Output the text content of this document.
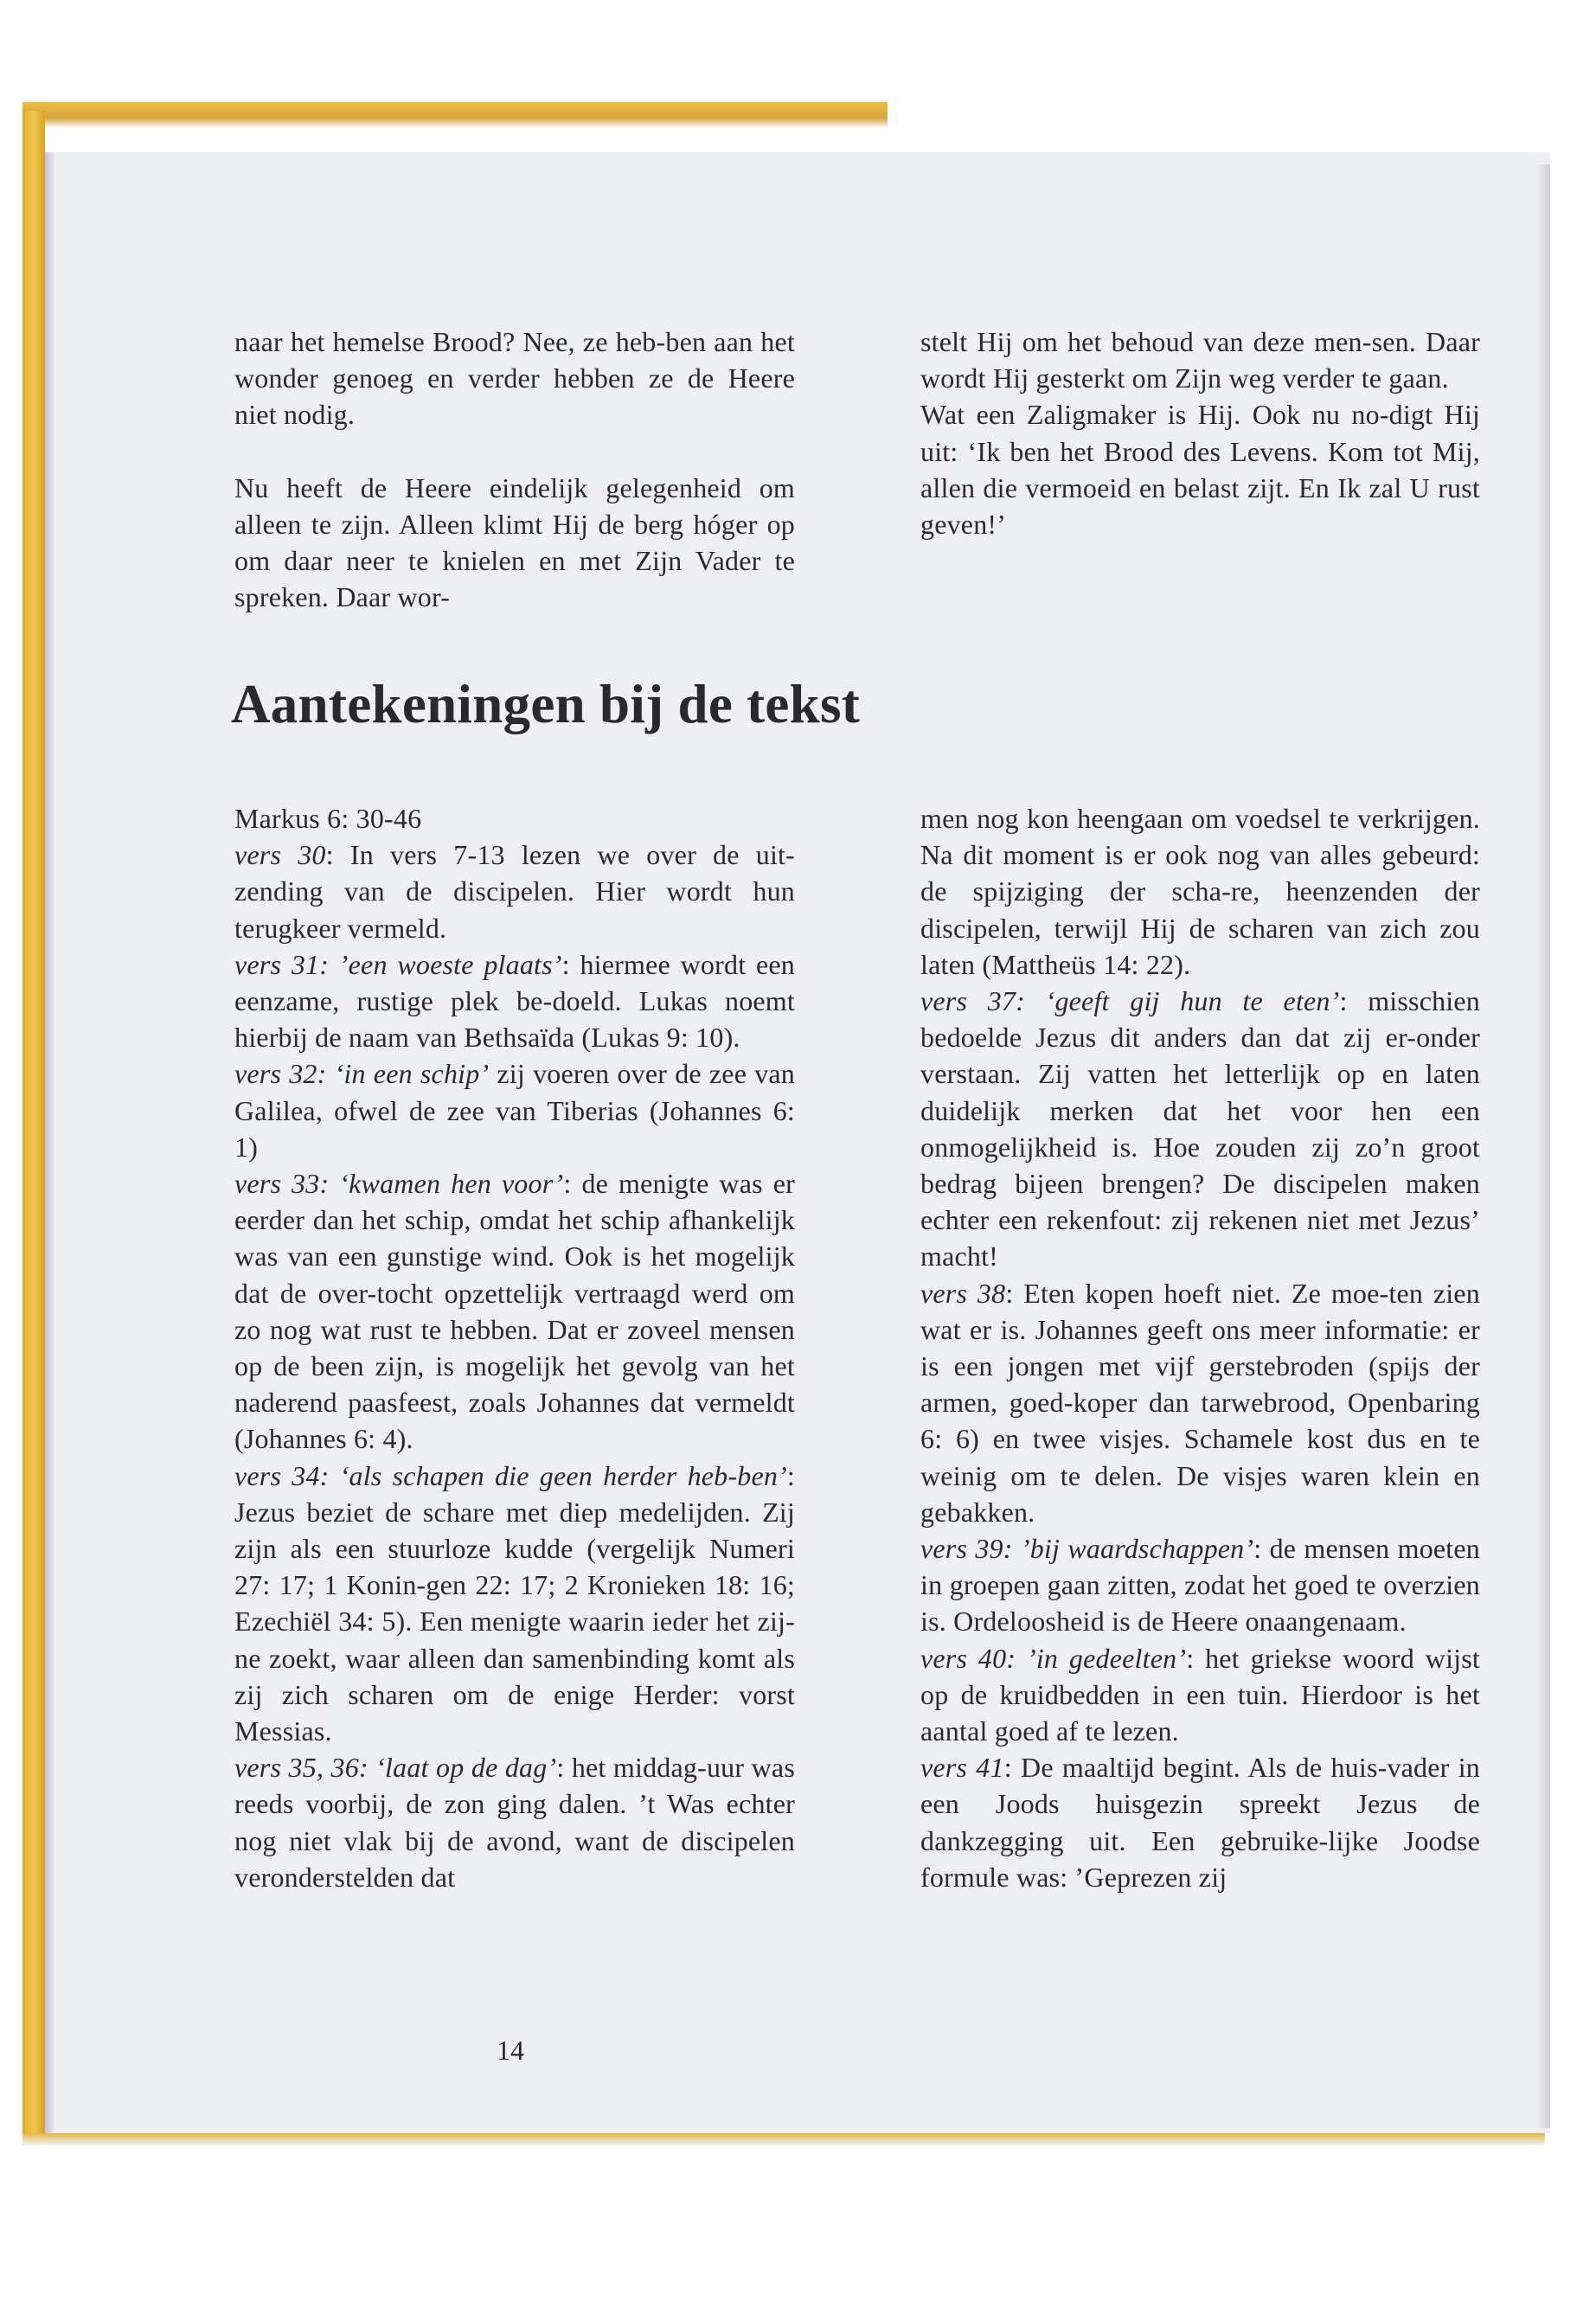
naar het hemelse Brood? Nee, ze heb-ben aan het wonder genoeg en verder hebben ze de Heere niet nodig.

Nu heeft de Heere eindelijk gelegenheid om alleen te zijn. Alleen klimt Hij de berg hóger op om daar neer te knielen en met Zijn Vader te spreken. Daar wor-

stelt Hij om het behoud van deze men-sen. Daar wordt Hij gesterkt om Zijn weg verder te gaan.

Wat een Zaligmaker is Hij. Ook nu no-digt Hij uit: ‘Ik ben het Brood des Levens. Kom tot Mij, allen die vermoeid en belast zijt. En Ik zal U rust geven!’

Aantekeningen bij de tekst

Markus 6: 30-46

vers 30: In vers 7-13 lezen we over de uit-zending van de discipelen. Hier wordt hun terugkeer vermeld.

vers 31: ’een woeste plaats’: hiermee wordt een eenzame, rustige plek be-doeld. Lukas noemt hierbij de naam van Bethsaïda (Lukas 9: 10).

vers 32: ‘in een schip’ zij voeren over de zee van Galilea, ofwel de zee van Tiberias (Johannes 6: 1)

vers 33: ‘kwamen hen voor’: de menigte was er eerder dan het schip, omdat het schip afhankelijk was van een gunstige wind. Ook is het mogelijk dat de over-tocht opzettelijk vertraagd werd om zo nog wat rust te hebben. Dat er zoveel mensen op de been zijn, is mogelijk het gevolg van het naderend paasfeest, zoals Johannes dat vermeldt (Johannes 6: 4).

vers 34: ‘als schapen die geen herder heb-ben’: Jezus beziet de schare met diep medelijden. Zij zijn als een stuurloze kudde (vergelijk Numeri 27: 17; 1 Konin-gen 22: 17; 2 Kronieken 18: 16; Ezechiël 34: 5). Een menigte waarin ieder het zij-ne zoekt, waar alleen dan samenbinding komt als zij zich scharen om de enige Herder: vorst Messias.

vers 35, 36: ‘laat op de dag’: het middag-uur was reeds voorbij, de zon ging dalen. ’t Was echter nog niet vlak bij de avond, want de discipelen veronderstelden dat

men nog kon heengaan om voedsel te verkrijgen. Na dit moment is er ook nog van alles gebeurd: de spijziging der scha-re, heenzenden der discipelen, terwijl Hij de scharen van zich zou laten (Mattheüs 14: 22).

vers 37: ‘geeft gij hun te eten’: misschien bedoelde Jezus dit anders dan dat zij er-onder verstaan. Zij vatten het letterlijk op en laten duidelijk merken dat het voor hen een onmogelijkheid is. Hoe zouden zij zo’n groot bedrag bijeen brengen? De discipelen maken echter een rekenfout: zij rekenen niet met Jezus’ macht!

vers 38: Eten kopen hoeft niet. Ze moe-ten zien wat er is. Johannes geeft ons meer informatie: er is een jongen met vijf gerstebroden (spijs der armen, goed-koper dan tarwebrood, Openbaring 6: 6) en twee visjes. Schamele kost dus en te weinig om te delen. De visjes waren klein en gebakken.

vers 39: ’bij waardschappen’: de mensen moeten in groepen gaan zitten, zodat het goed te overzien is. Ordeloosheid is de Heere onaangenaam.

vers 40: ’in gedeelten’: het griekse woord wijst op de kruidbedden in een tuin. Hierdoor is het aantal goed af te lezen.

vers 41: De maaltijd begint. Als de huis-vader in een Joods huisgezin spreekt Jezus de dankzegging uit. Een gebruike-lijke Joodse formule was: ’Geprezen zij

14
